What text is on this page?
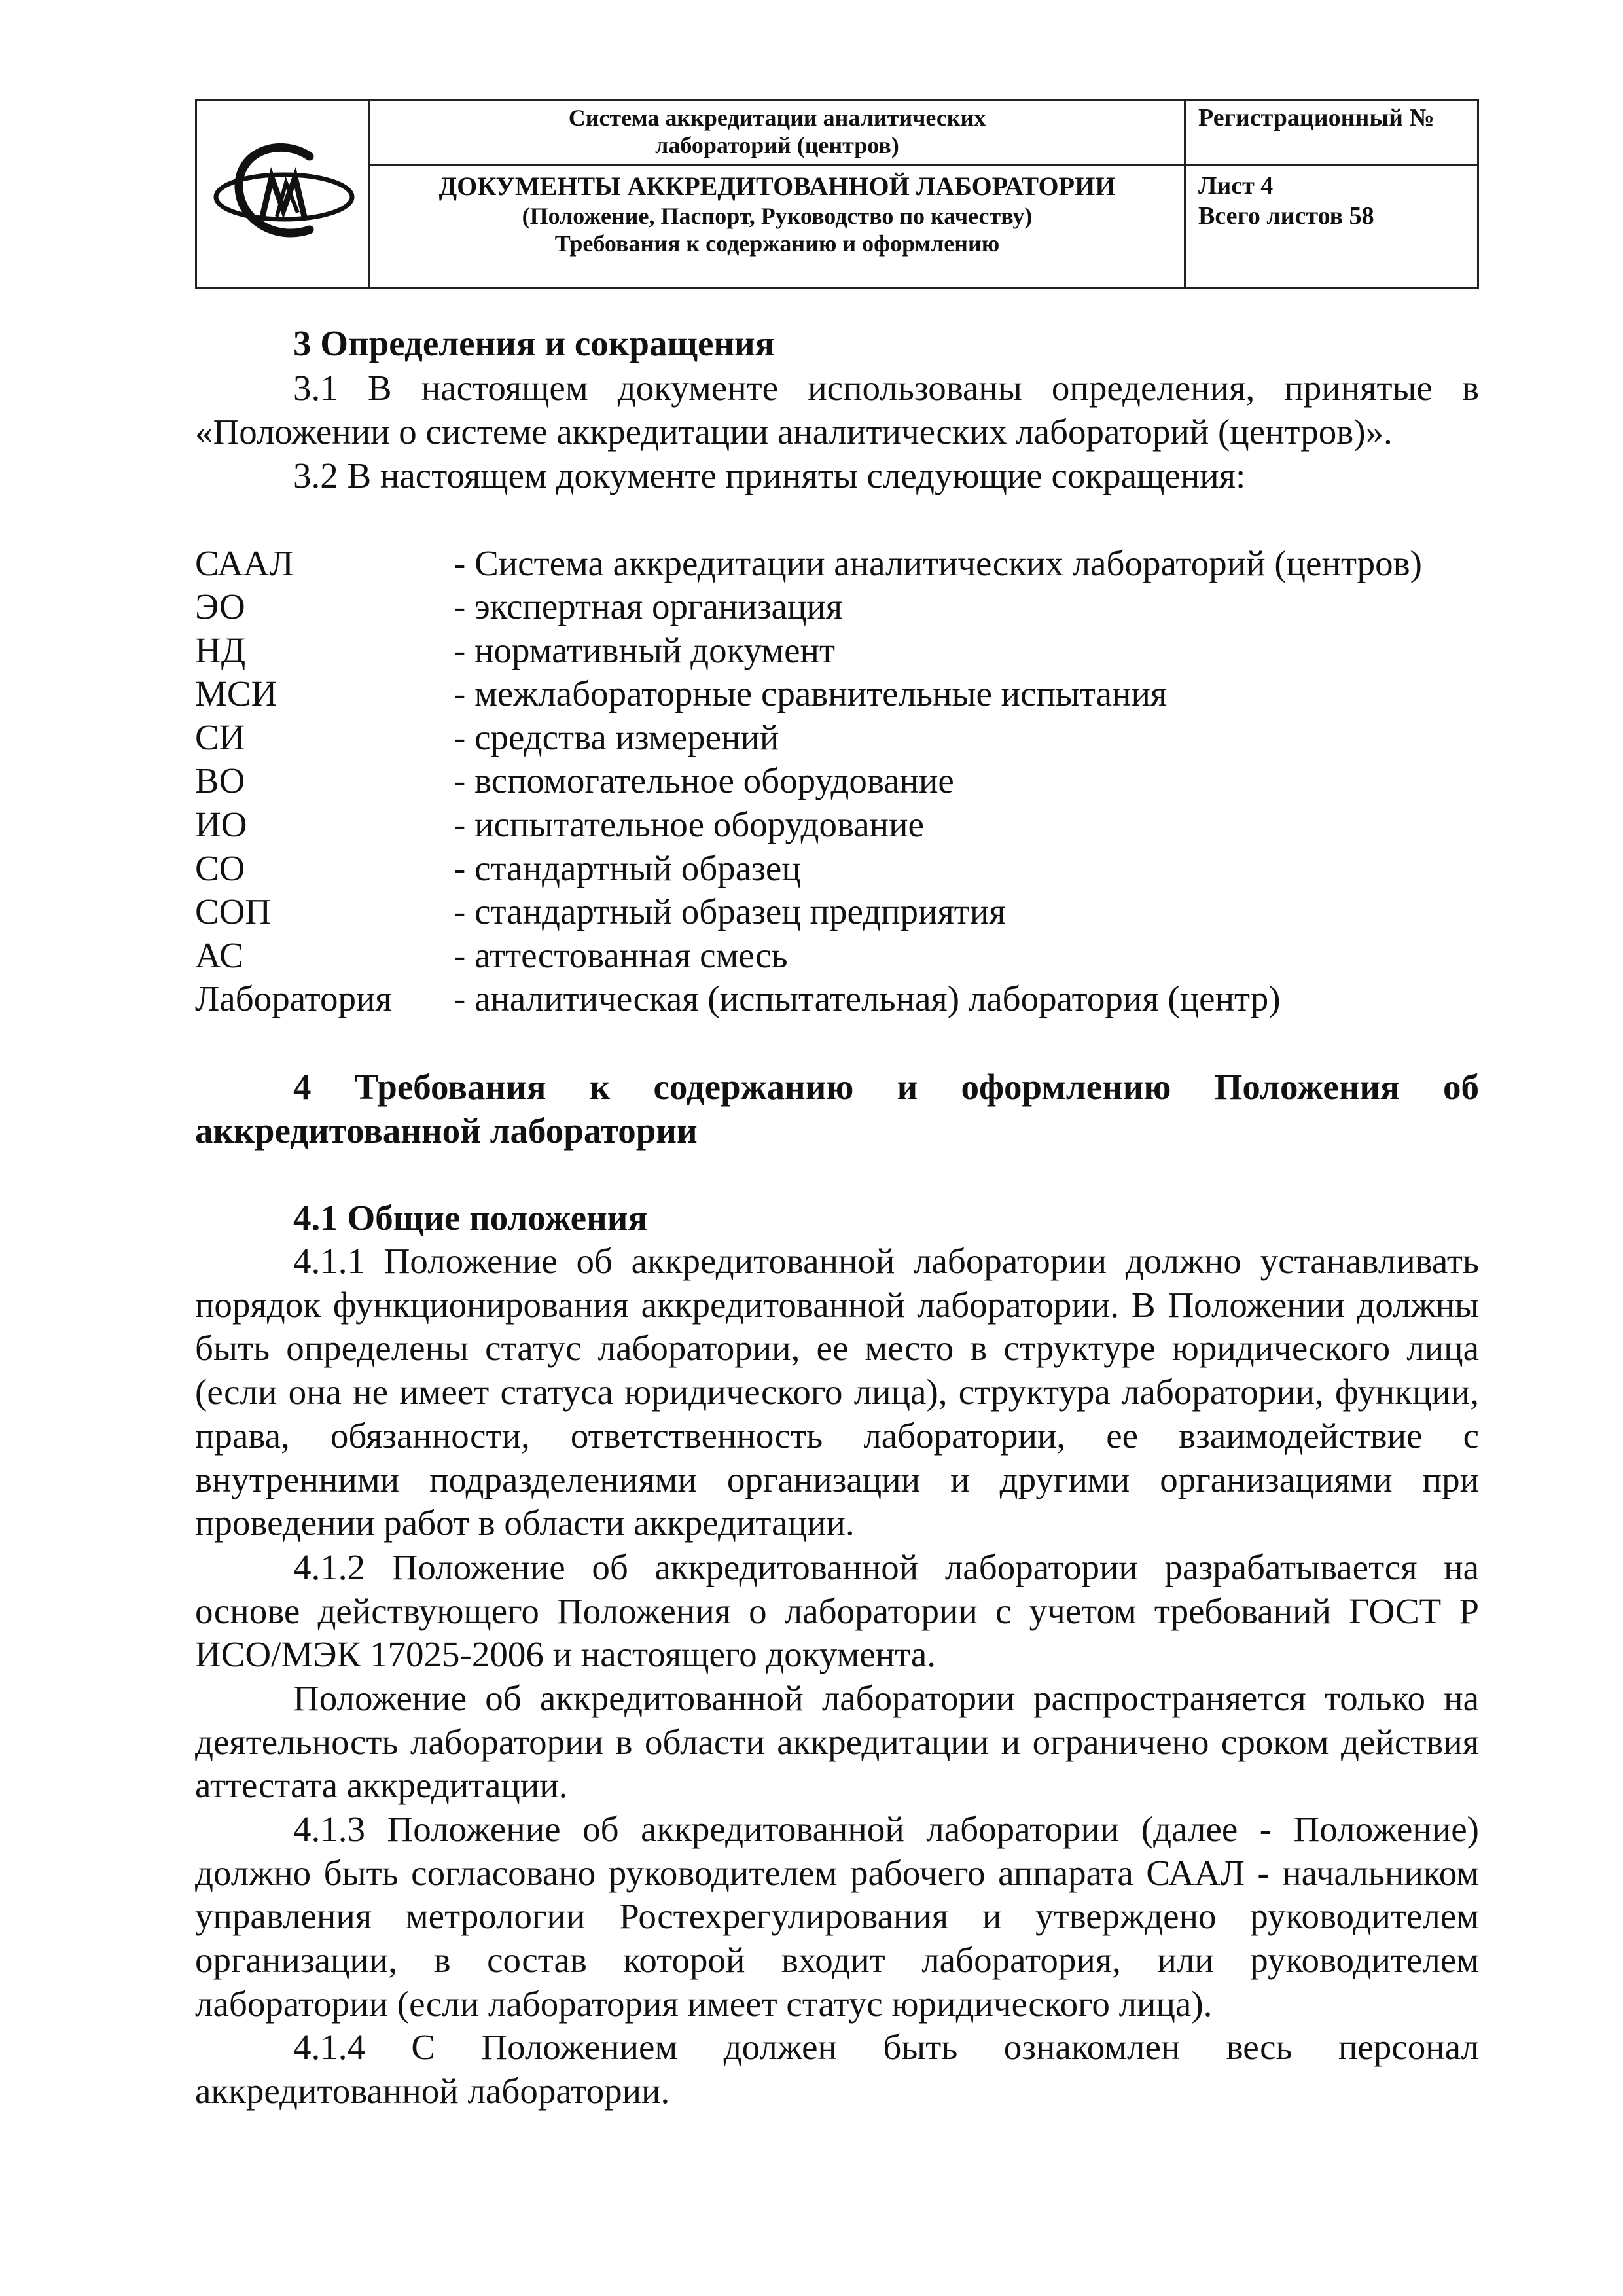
Система аккредитации аналитических
лабораторий (центров)
ДОКУМЕНТЫ АККРЕДИТОВАННОЙ ЛАБОРАТОРИИ
(Положение, Паспорт, Руководство по качеству)
Требования к содержанию и оформлению
Регистрационный №
Лист 4
Всего листов 58
3 Определения и сокращения
3.1 В настоящем документе использованы определения, принятые в «Положении о системе аккредитации аналитических лабораторий (центров)».
3.2 В настоящем документе приняты следующие сокращения:
СААЛ	- Система аккредитации аналитических лабораторий (центров)
ЭО	- экспертная организация
НД	- нормативный документ
МСИ	- межлабораторные сравнительные испытания
СИ	- средства измерений
ВО	- вспомогательное оборудование
ИО	- испытательное оборудование
СО	- стандартный образец
СОП	- стандартный образец предприятия
АС	- аттестованная смесь
Лаборатория - аналитическая (испытательная) лаборатория (центр)
4 Требования к содержанию и оформлению Положения об аккредитованной лаборатории
4.1 Общие положения
4.1.1 Положение об аккредитованной лаборатории должно устанавливать порядок функционирования аккредитованной лаборатории. В Положении должны быть определены статус лаборатории, ее место в структуре юридического лица (если она не имеет статуса юридического лица), структура лаборатории, функции, права, обязанности, ответственность лаборатории, ее взаимодействие с внутренними подразделениями организации и другими организациями при проведении работ в области аккредитации.
4.1.2 Положение об аккредитованной лаборатории разрабатывается на основе действующего Положения о лаборатории с учетом требований ГОСТ Р ИСО/МЭК 17025-2006 и настоящего документа.
Положение об аккредитованной лаборатории распространяется только на деятельность лаборатории в области аккредитации и ограничено сроком действия аттестата аккредитации.
4.1.3 Положение об аккредитованной лаборатории (далее - Положение) должно быть согласовано руководителем рабочего аппарата СААЛ - начальником управления метрологии Ростехрегулирования и утверждено руководителем организации, в состав которой входит лаборатория, или руководителем лаборатории (если лаборатория имеет статус юридического лица).
4.1.4 С Положением должен быть ознакомлен весь персонал аккредитованной лаборатории.
